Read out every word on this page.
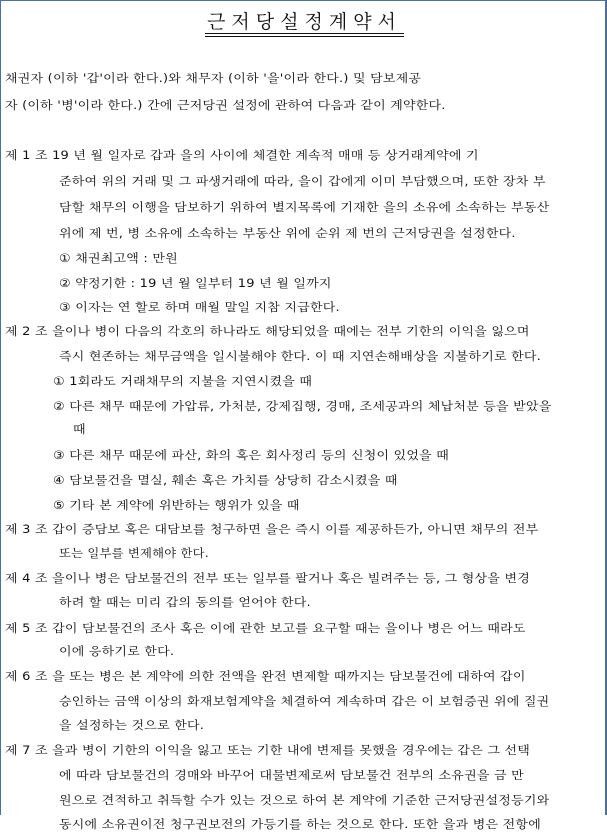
근저당설정계약서
채권자 (이하 '갑'이라 한다.)와 채무자 (이하 '을'이라 한다.) 및 담보제공
자 (이하 '병'이라 한다.) 간에 근저당권 설정에 관하여 다음과 같이 계약한다.
제 1 조 19 년 월 일자로 갑과 을의 사이에 체결한 계속적 매매 등 상거래계약에 기
준하여 위의 거래 및 그 파생거래에 따라, 을이 갑에게 이미 부담했으며, 또한 장차 부
담할 채무의 이행을 담보하기 위하여 별지목록에 기재한 을의 소유에 소속하는 부동산
위에 제 번, 병 소유에 소속하는 부동산 위에 순위 제 번의 근저당권을 설정한다.
① 채권최고액 : 만원
② 약정기한 : 19 년 월 일부터 19 년 월 일까지
③ 이자는 연 할로 하며 매월 말일 지참 지급한다.
제 2 조 을이나 병이 다음의 각호의 하나라도 해당되었을 때에는 전부 기한의 이익을 잃으며
즉시 현존하는 채무금액을 일시불해야 한다. 이 때 지연손해배상을 지불하기로 한다.
① 1회라도 거래채무의 지불을 지연시켰을 때
② 다른 채무 때문에 가압류, 가처분, 강제집행, 경매, 조세공과의 체납처분 등을 받았을
때
③ 다른 채무 때문에 파산, 화의 혹은 회사정리 등의 신청이 있었을 때
④ 담보물건을 멸실, 훼손 혹은 가치를 상당히 감소시켰을 때
⑤ 기타 본 계약에 위반하는 행위가 있을 때
제 3 조 갑이 증담보 혹은 대담보를 청구하면 을은 즉시 이를 제공하든가, 아니면 채무의 전부
또는 일부를 변제해야 한다.
제 4 조 을이나 병은 담보물건의 전부 또는 일부를 팔거나 혹은 빌려주는 등, 그 형상을 변경
하려 할 때는 미리 갑의 동의를 얻어야 한다.
제 5 조 갑이 담보물건의 조사 혹은 이에 관한 보고를 요구할 때는 을이나 병은 어느 때라도
이에 응하기로 한다.
제 6 조 을 또는 병은 본 계약에 의한 전액을 완전 변제할 때까지는 담보물건에 대하여 갑이
승인하는 금액 이상의 화재보험계약을 체결하여 계속하며 갑은 이 보험증권 위에 질권
을 설정하는 것으로 한다.
제 7 조 을과 병이 기한의 이익을 잃고 또는 기한 내에 변제를 못했을 경우에는 갑은 그 선택
에 따라 담보물건의 경매와 바꾸어 대물변제로써 담보물건 전부의 소유권을 금 만
원으로 견적하고 취득할 수가 있는 것으로 하여 본 계약에 기준한 근저당권설정등기와
동시에 소유권이전 청구권보전의 가등기를 하는 것으로 한다. 또한 을과 병은 전항에
